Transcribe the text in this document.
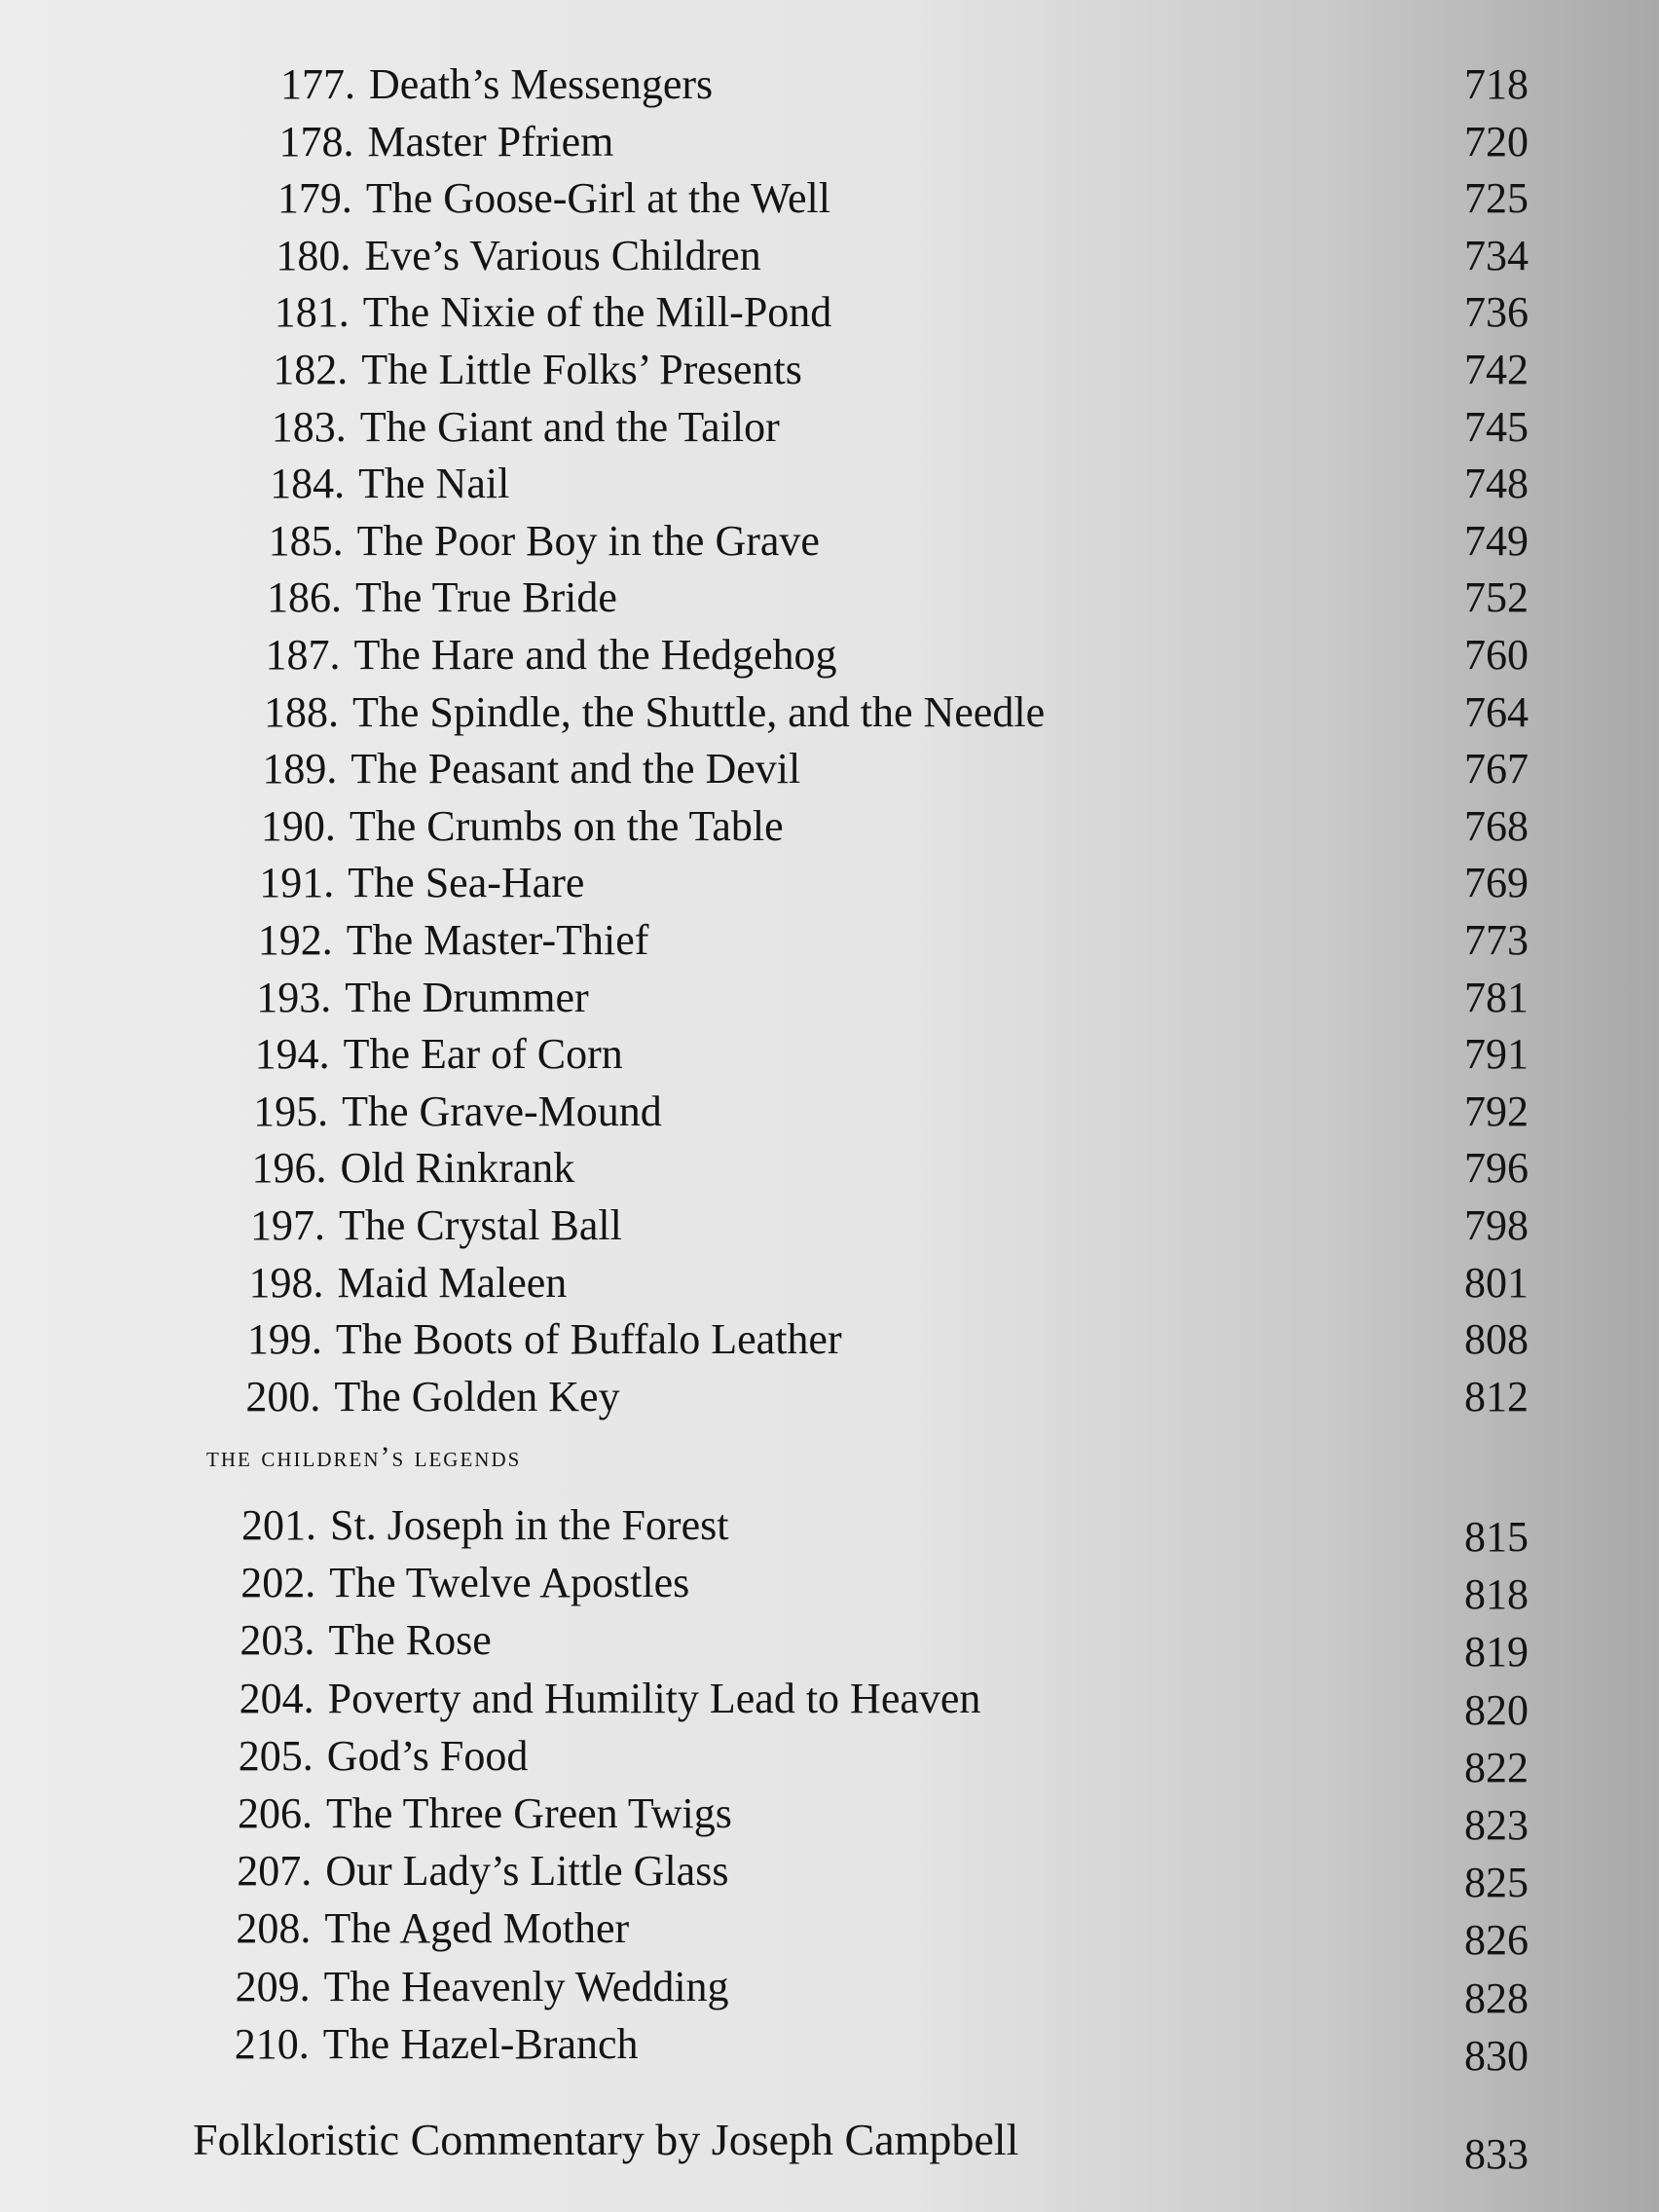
177. Death’s Messengers	718
178. Master Pfriem	720
179. The Goose-Girl at the Well	725
180. Eve’s Various Children	734
181. The Nixie of the Mill-Pond	736
182. The Little Folks’ Presents	742
183. The Giant and the Tailor	745
184. The Nail	748
185. The Poor Boy in the Grave	749
186. The True Bride	752
187. The Hare and the Hedgehog	760
188. The Spindle, the Shuttle, and the Needle	764
189. The Peasant and the Devil	767
190. The Crumbs on the Table	768
191. The Sea-Hare	769
192. The Master-Thief	773
193. The Drummer	781
194. The Ear of Corn	791
195. The Grave-Mound	792
196. Old Rinkrank	796
197. The Crystal Ball	798
198. Maid Maleen	801
199. The Boots of Buffalo Leather	808
200. The Golden Key	812
the children’s legends
201. St. Joseph in the Forest	815
202. The Twelve Apostles	818
203. The Rose	819
204. Poverty and Humility Lead to Heaven	820
205. God’s Food	822
206. The Three Green Twigs	823
207. Our Lady’s Little Glass	825
208. The Aged Mother	826
209. The Heavenly Wedding	828
210. The Hazel-Branch	830
Folkloristic Commentary by Joseph Campbell	833
